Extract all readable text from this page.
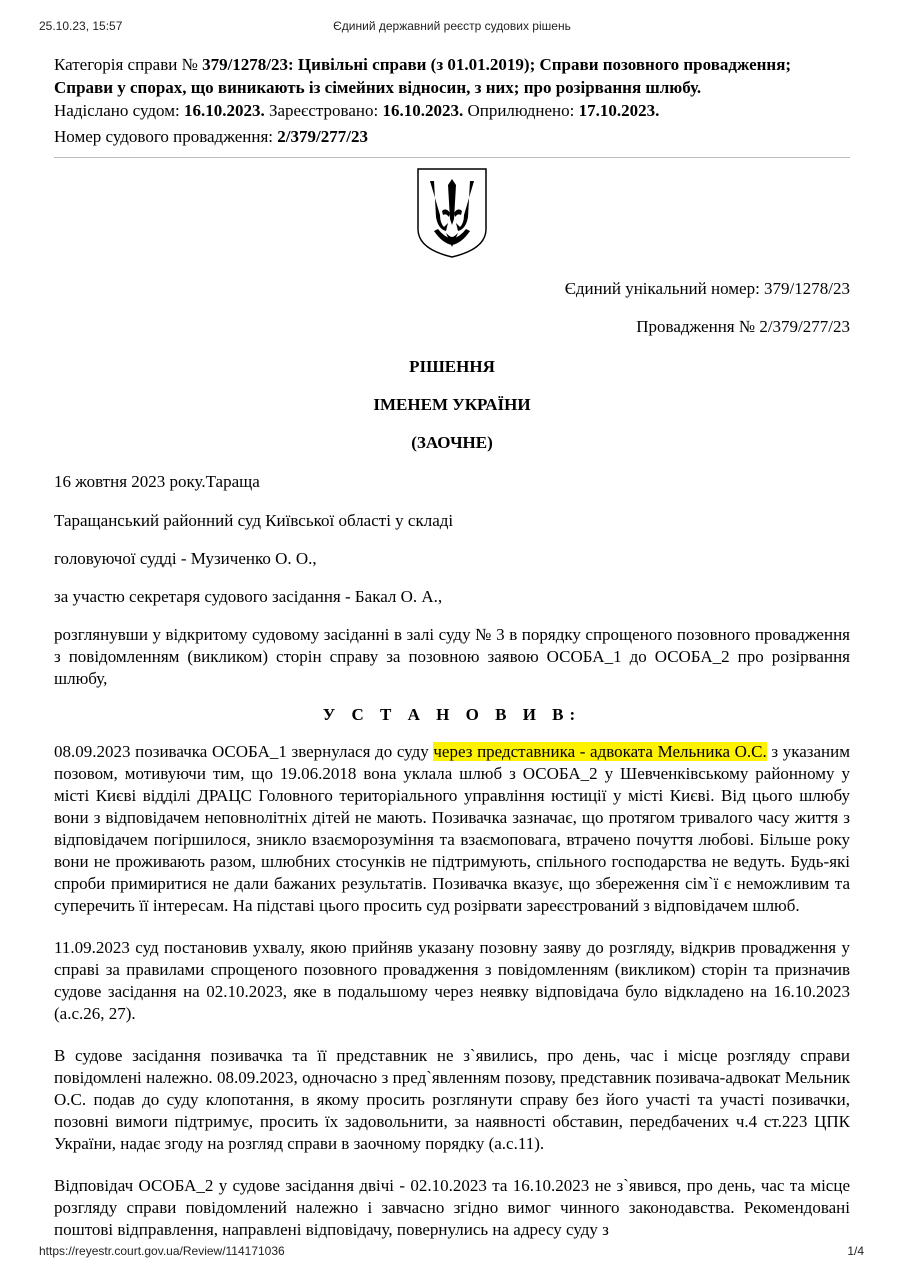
25.10.23, 15:57	Єдиний державний реєстр судових рішень

Категорія справи № 379/1278/23: Цивільні справи (з 01.01.2019); Справи позовного провадження; Справи у спорах, що виникають із сімейних відносин, з них; про розірвання шлюбу.

Надіслано судом: 16.10.2023. Зареєстровано: 16.10.2023. Оприлюднено: 17.10.2023.

Номер судового провадження: 2/379/277/23

Єдиний унікальний номер: 379/1278/23

Провадження № 2/379/277/23

РІШЕННЯ

ІМЕНЕМ УКРАЇНИ

(ЗАОЧНЕ)

16 жовтня 2023 року.Тараща

Таращанський районний суд Київської області у складі

головуючої судді - Музиченко О. О.,

за участю секретаря судового засідання - Бакал О. А.,

розглянувши у відкритому судовому засіданні в залі суду № 3 в порядку спрощеного позовного провадження з повідомленням (викликом) сторін справу за позовною заявою ОСОБА_1 до ОСОБА_2 про розірвання шлюбу,

У С Т А Н О В И В:

08.09.2023 позивачка ОСОБА_1 звернулася до суду через представника - адвоката Мельника О.С. з указаним позовом, мотивуючи тим, що 19.06.2018 вона уклала шлюб з ОСОБА_2 у Шевченківському районному у місті Києві відділі ДРАЦС Головного територіального управління юстиції у місті Києві. Від цього шлюбу вони з відповідачем неповнолітніх дітей не мають. Позивачка зазначає, що протягом тривалого часу життя з відповідачем погіршилося, зникло взаєморозуміння та взаємоповага, втрачено почуття любові. Більше року вони не проживають разом, шлюбних стосунків не підтримують, спільного господарства не ведуть. Будь-які спроби примиритися не дали бажаних результатів. Позивачка вказує, що збереження сім`ї є неможливим та суперечить її інтересам. На підставі цього просить суд розірвати зареєстрований з відповідачем шлюб.

11.09.2023 суд постановив ухвалу, якою прийняв указану позовну заяву до розгляду, відкрив провадження у справі за правилами спрощеного позовного провадження з повідомленням (викликом) сторін та призначив судове засідання на 02.10.2023, яке в подальшому через неявку відповідача було відкладено на 16.10.2023 (а.с.26, 27).

В судове засідання позивачка та її представник не з`явились, про день, час і місце розгляду справи повідомлені належно. 08.09.2023, одночасно з пред`явленням позову, представник позивача-адвокат Мельник О.С. подав до суду клопотання, в якому просить розглянути справу без його участі та участі позивачки, позовні вимоги підтримує, просить їх задовольнити, за наявності обставин, передбачених ч.4 ст.223 ЦПК України, надає згоду на розгляд справи в заочному порядку (а.с.11).

Відповідач ОСОБА_2 у судове засідання двічі - 02.10.2023 та 16.10.2023 не з`явився, про день, час та місце розгляду справи повідомлений належно і завчасно згідно вимог чинного законодавства. Рекомендовані поштові відправлення, направлені відповідачу, повернулись на адресу суду з

https://reyestr.court.gov.ua/Review/114171036	1/4
